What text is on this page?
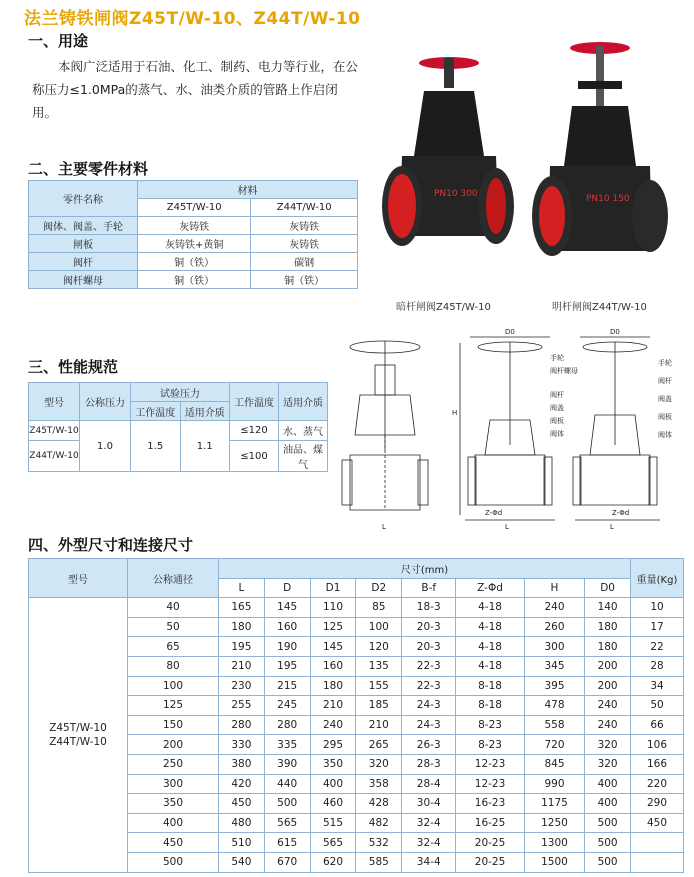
法兰铸铁闸阀Z45T/W-10、Z44T/W-10
一、用途
本阀广泛适用于石油、化工、制药、电力等行业，在公称压力≤1.0MPa的蒸气、水、油类介质的管路上作启闭用。
PN10 300
暗杆闸阀Z45T/W-10
PN10 150
明杆闸阀Z44T/W-10
二、主要零件材料
零件名称	材料	
	Z45T/W-10	Z44T/W-10
阀体、阀盖、手轮	灰铸铁	灰铸铁
闸板	灰铸铁+黄铜	灰铸铁
阀杆	铜（铁）	碳钢
阀杆螺母	铜（铁）	铜（铁）
三、性能规范
型号	公称压力	试验压力		工作温度	适用介质
		工作温度	适用介质		
Z45T/W-10	1.0	1.5	1.1	≤120	水、蒸气
Z44T/W-10				≤100	油品、煤气
D0	D0
H
L	L
L
Z-Φd	Z-Φd
手轮
阀杆螺母
阀杆
阀盖
阀板
阀体
手轮
阀杆
阀盖
阀板
阀体
四、外型尺寸和连接尺寸
型号	公称通径	尺寸(mm)								重量(Kg)
		L	D	D1	D2	B-f	Z-Φd	H	D0	

Z45T/W-10
Z44T/W-10	40	165	145	110	85	18-3	4-18	240	140	10
	50	180	160	125	100	20-3	4-18	260	180	17
	65	195	190	145	120	20-3	4-18	300	180	22
	80	210	195	160	135	22-3	4-18	345	200	28
	100	230	215	180	155	22-3	8-18	395	200	34
	125	255	245	210	185	24-3	8-18	478	240	50
	150	280	280	240	210	24-3	8-23	558	240	66
	200	330	335	295	265	26-3	8-23	720	320	106
	250	380	390	350	320	28-3	12-23	845	320	166
	300	420	440	400	358	28-4	12-23	990	400	220
	350	450	500	460	428	30-4	16-23	1175	400	290
	400	480	565	515	482	32-4	16-25	1250	500	450
	450	510	615	565	532	32-4	20-25	1300	500	
	500	540	670	620	585	34-4	20-25	1500	500	
